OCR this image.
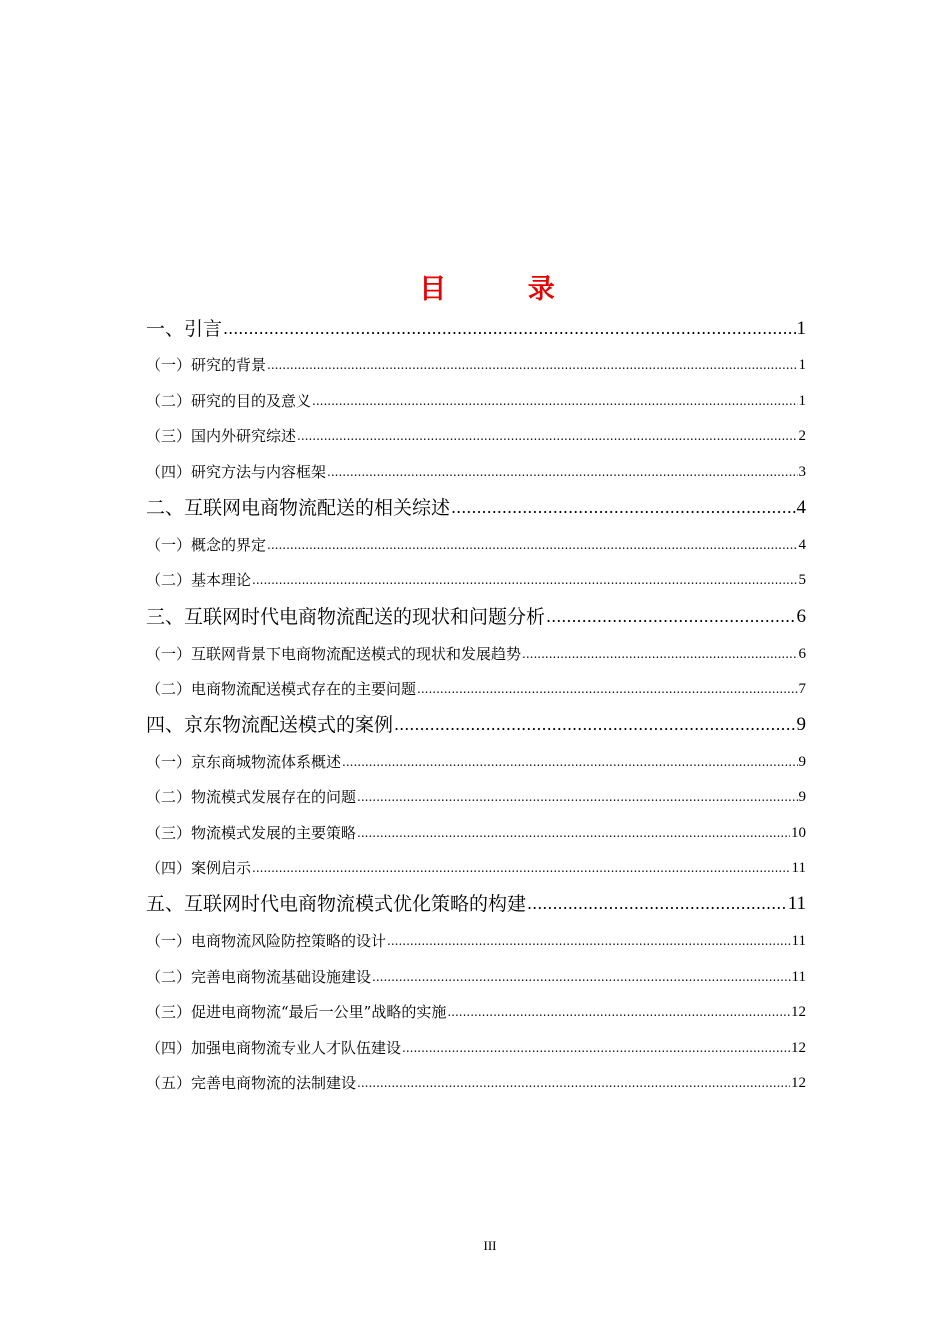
目 录
一、引言 .....	1
（一）研究的背景 .....	1
（二）研究的目的及意义 .....	1
（三）国内外研究综述 .....	2
（四）研究方法与内容框架 .....	3
二、互联网电商物流配送的相关综述 .....	4
（一）概念的界定 .....	4
（二）基本理论 .....	5
三、互联网时代电商物流配送的现状和问题分析 .....	6
（一）互联网背景下电商物流配送模式的现状和发展趋势 .....	6
（二）电商物流配送模式存在的主要问题 .....	7
四、京东物流配送模式的案例 .....	9
（一）京东商城物流体系概述 .....	9
（二）物流模式发展存在的问题 .....	9
（三）物流模式发展的主要策略 .....	10
（四）案例启示 .....	11
五、互联网时代电商物流模式优化策略的构建 .....	11
（一）电商物流风险防控策略的设计 .....	11
（二）完善电商物流基础设施建设 .....	11
（三）促进电商物流“最后一公里”战略的实施 .....	12
（四）加强电商物流专业人才队伍建设 .....	12
（五）完善电商物流的法制建设 .....	12
III
